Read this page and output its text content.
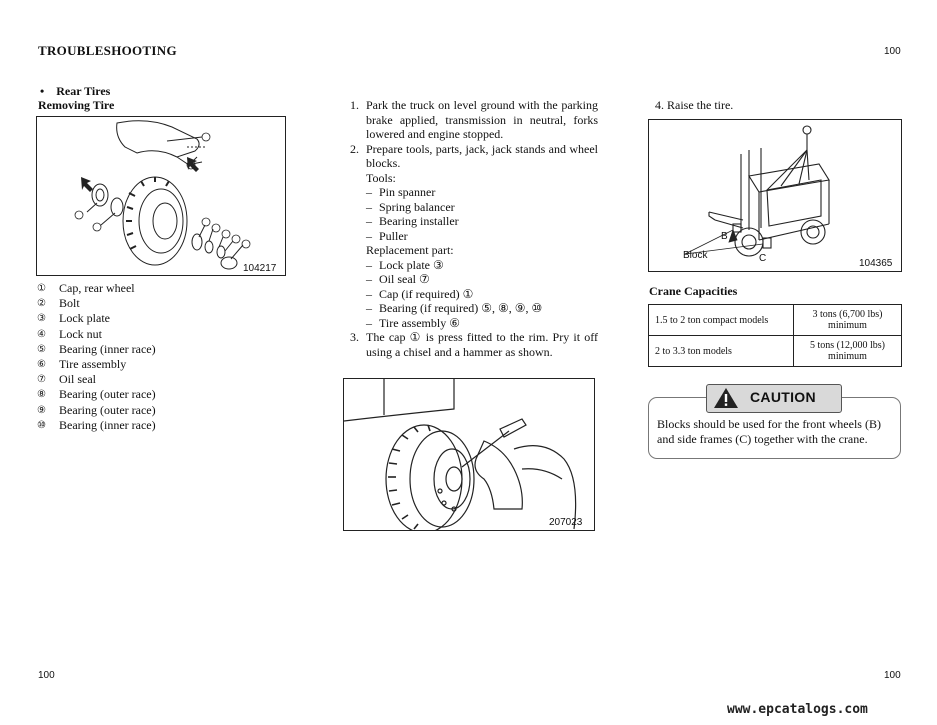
TROUBLESHOOTING	100
• Rear Tires
Removing Tire
104217
①	Cap, rear wheel
②	Bolt
③	Lock plate
④	Lock nut
⑤	Bearing (inner race)
⑥	Tire assembly
⑦	Oil seal
⑧	Bearing (outer race)
⑨	Bearing (outer race)
⑩	Bearing (inner race)
1. Park the truck on level ground with the parking brake applied, transmission in neutral, forks lowered and engine stopped.
2. Prepare tools, parts, jack, jack stands and wheel blocks.
Tools:
– Pin spanner
– Spring balancer
– Bearing installer
– Puller
Replacement part:
– Lock plate ③
– Oil seal ⑦
– Cap (if required) ①
– Bearing (if required) ⑤, ⑧, ⑨, ⑩
– Tire assembly ⑥
3. The cap ① is press fitted to the rim. Pry it off using a chisel and a hammer as shown.
207023
4. Raise the tire.
Block
B
C	104365
Crane Capacities
1.5 to 2 ton compact models	3 tons (6,700 lbs)
minimum

2 to 3.3 ton models	5 tons (12,000 lbs)
minimum
CAUTION
Blocks should be used for the front wheels (B) and side frames (C) together with the crane.
100	100
www.epcatalogs.com
